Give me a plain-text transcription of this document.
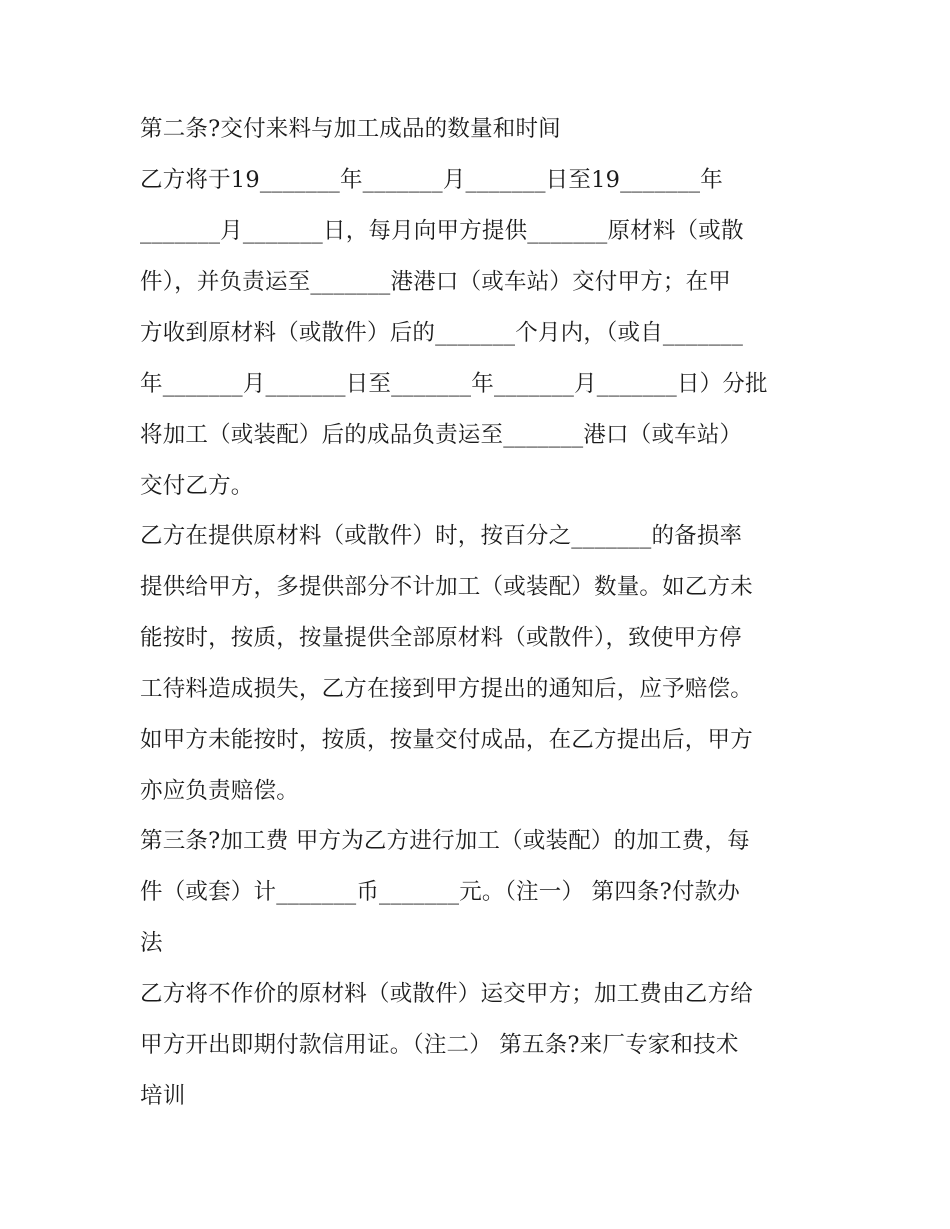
第二条?交付来料与加工成品的数量和时间
乙方将于19_______年_______月_______日至19_______年
_______月_______日，每月向甲方提供_______原材料（或散
件），并负责运至_______港港口（或车站）交付甲方；在甲
方收到原材料（或散件）后的_______个月内，（或自_______
年_______月_______日至_______年_______月_______日）分批
将加工（或装配）后的成品负责运至_______港口（或车站）
交付乙方。
乙方在提供原材料（或散件）时，按百分之_______的备损率
提供给甲方，多提供部分不计加工（或装配）数量。如乙方未
能按时，按质，按量提供全部原材料（或散件），致使甲方停
工待料造成损失，乙方在接到甲方提出的通知后，应予赔偿。
如甲方未能按时，按质，按量交付成品，在乙方提出后，甲方
亦应负责赔偿。
第三条?加工费 甲方为乙方进行加工（或装配）的加工费，每
件（或套）计_______币_______元。（注一） 第四条?付款办
法
乙方将不作价的原材料（或散件）运交甲方；加工费由乙方给
甲方开出即期付款信用证。（注二） 第五条?来厂专家和技术
培训
